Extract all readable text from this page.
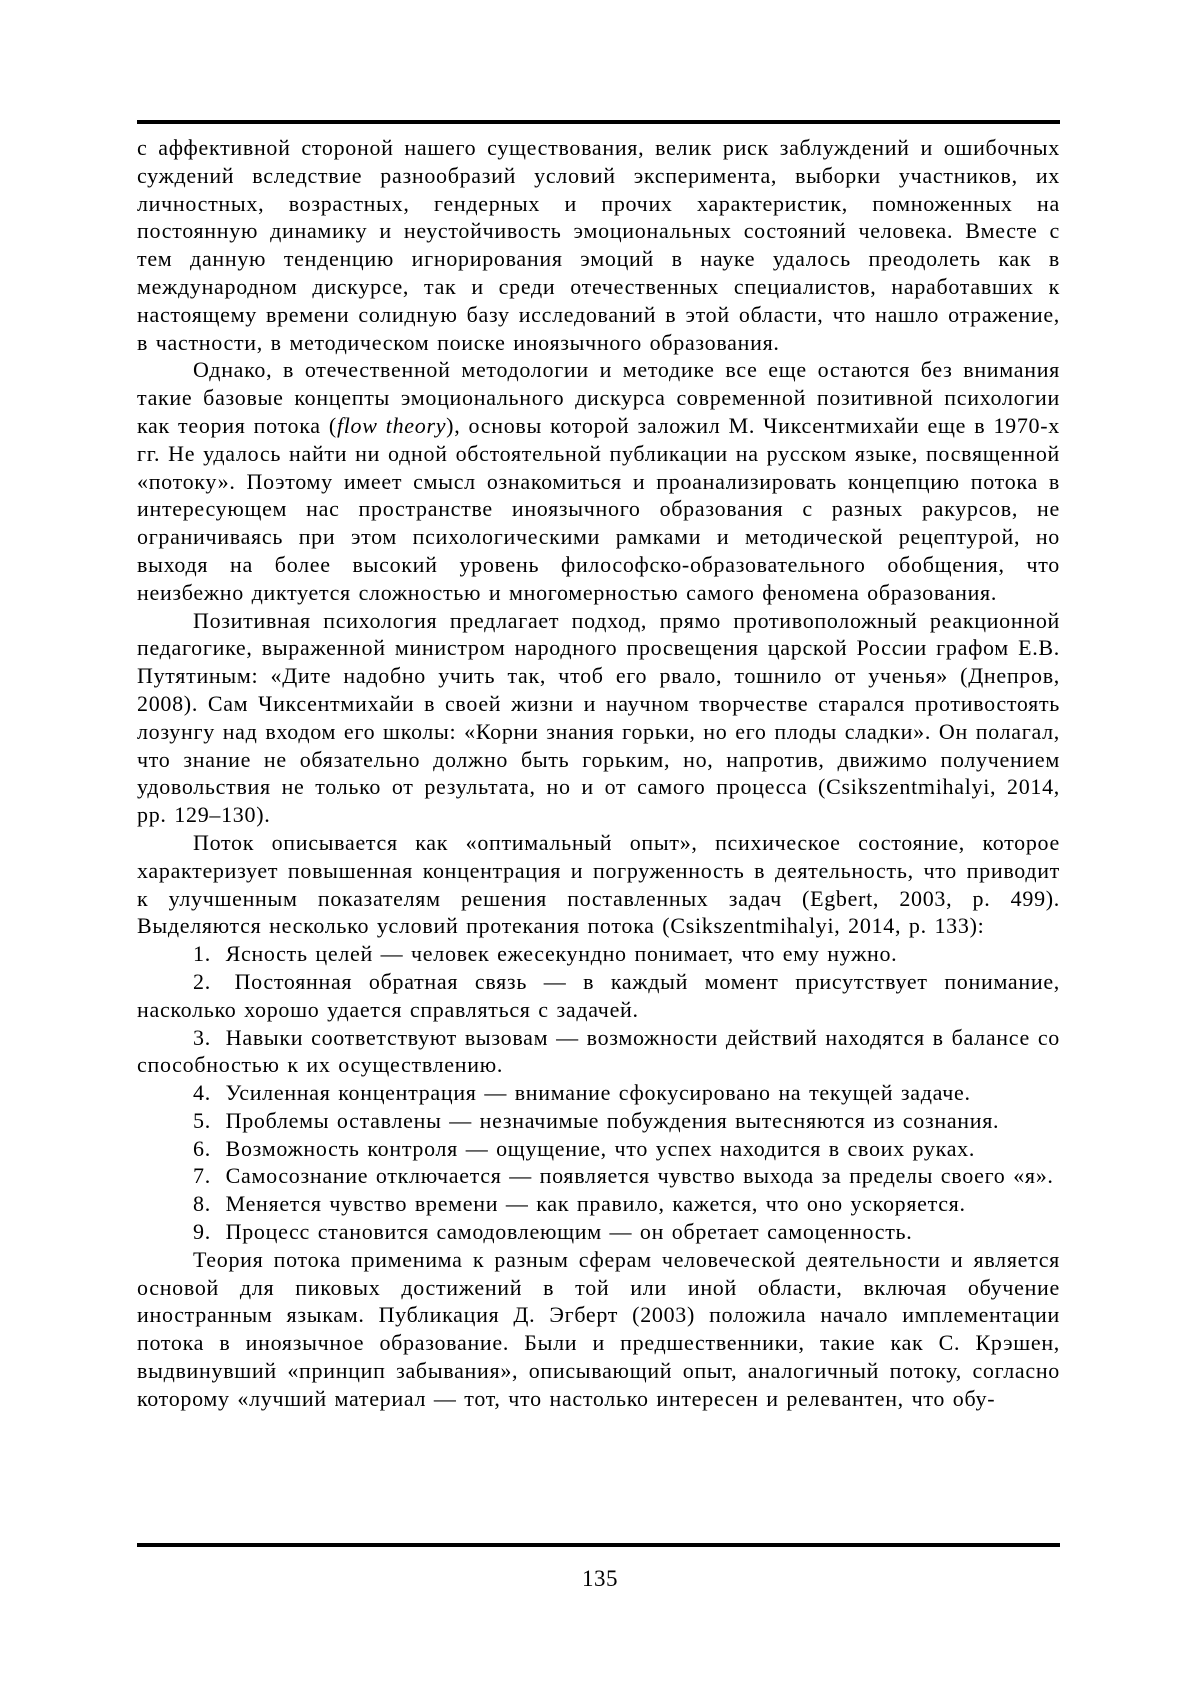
с аффективной стороной нашего существования, велик риск заблуждений и ошибочных суждений вследствие разнообразий условий эксперимента, выборки участников, их личностных, возрастных, гендерных и прочих характеристик, помноженных на постоянную динамику и неустойчивость эмоциональных состояний человека. Вместе с тем данную тенденцию игнорирования эмоций в науке удалось преодолеть как в международном дискурсе, так и среди отечественных специалистов, наработавших к настоящему времени солидную базу исследований в этой области, что нашло отражение, в частности, в методическом поиске иноязычного образования.

Однако, в отечественной методологии и методике все еще остаются без внимания такие базовые концепты эмоционального дискурса современной позитивной психологии как теория потока (flow theory), основы которой заложил М. Чиксентмихайи еще в 1970-х гг. Не удалось найти ни одной обстоятельной публикации на русском языке, посвященной «потоку». Поэтому имеет смысл ознакомиться и проанализировать концепцию потока в интересующем нас пространстве иноязычного образования с разных ракурсов, не ограничиваясь при этом психологическими рамками и методической рецептурой, но выходя на более высокий уровень философско-образовательного обобщения, что неизбежно диктуется сложностью и многомерностью самого феномена образования.

Позитивная психология предлагает подход, прямо противоположный реакционной педагогике, выраженной министром народного просвещения царской России графом Е.В. Путятиным: «Дите надобно учить так, чтоб его рвало, тошнило от ученья» (Днепров, 2008). Сам Чиксентмихайи в своей жизни и научном творчестве старался противостоять лозунгу над входом его школы: «Корни знания горьки, но его плоды сладки». Он полагал, что знание не обязательно должно быть горьким, но, напротив, движимо получением удовольствия не только от результата, но и от самого процесса (Csikszentmihalyi, 2014, pp. 129–130).

Поток описывается как «оптимальный опыт», психическое состояние, которое характеризует повышенная концентрация и погруженность в деятельность, что приводит к улучшенным показателям решения поставленных задач (Egbert, 2003, p. 499). Выделяются несколько условий протекания потока (Csikszentmihalyi, 2014, p. 133):

1. Ясность целей — человек ежесекундно понимает, что ему нужно.

2. Постоянная обратная связь — в каждый момент присутствует понимание, насколько хорошо удается справляться с задачей.

3. Навыки соответствуют вызовам — возможности действий находятся в балансе со способностью к их осуществлению.

4. Усиленная концентрация — внимание сфокусировано на текущей задаче.

5. Проблемы оставлены — незначимые побуждения вытесняются из сознания.

6. Возможность контроля — ощущение, что успех находится в своих руках.

7. Самосознание отключается — появляется чувство выхода за пределы своего «я».

8. Меняется чувство времени — как правило, кажется, что оно ускоряется.

9. Процесс становится самодовлеющим — он обретает самоценность.

Теория потока применима к разным сферам человеческой деятельности и является основой для пиковых достижений в той или иной области, включая обучение иностранным языкам. Публикация Д. Эгберт (2003) положила начало имплементации потока в иноязычное образование. Были и предшественники, такие как С. Крэшен, выдвинувший «принцип забывания», описывающий опыт, аналогичный потоку, согласно которому «лучший материал — тот, что настолько интересен и релевантен, что обу-

135
